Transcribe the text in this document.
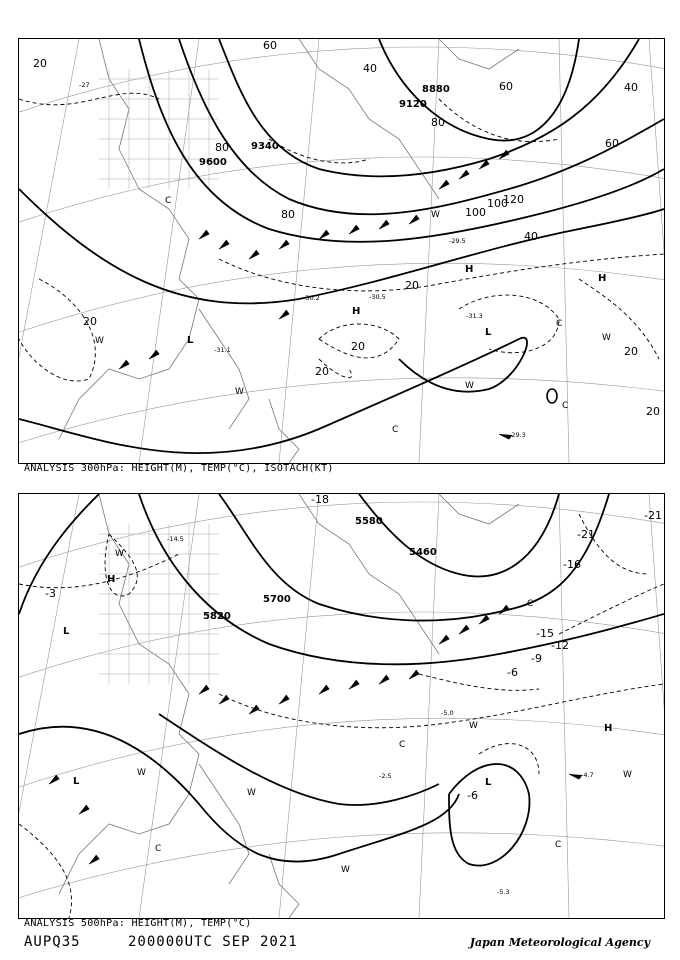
8880
9120
9340
9600
20
20
20
20
20
20
20
40
40
40
60
60
60
80
80
80
100
100
120
-27
-29.5
-30.2	-30.5
-31.1
-31.3
-29.3
H
H
H
L
L
W
W
W
W
W
C
C
C
C
ANALYSIS 300hPa: HEIGHT(M), TEMP(°C), ISOTACH(KT)
5580
5460
5820
5700
-18
-21
-21
-16
-15
-12
-9
-6
-6
-3
-14.5
-5.0
-4.7
-5.3
-2.5
H
H
L
L	L
W
W
W
W
W
W
C	C
C
C
ANALYSIS 500hPa: HEIGHT(M), TEMP(°C)
AUPQ35	200000UTC SEP 2021	Japan Meteorological Agency
